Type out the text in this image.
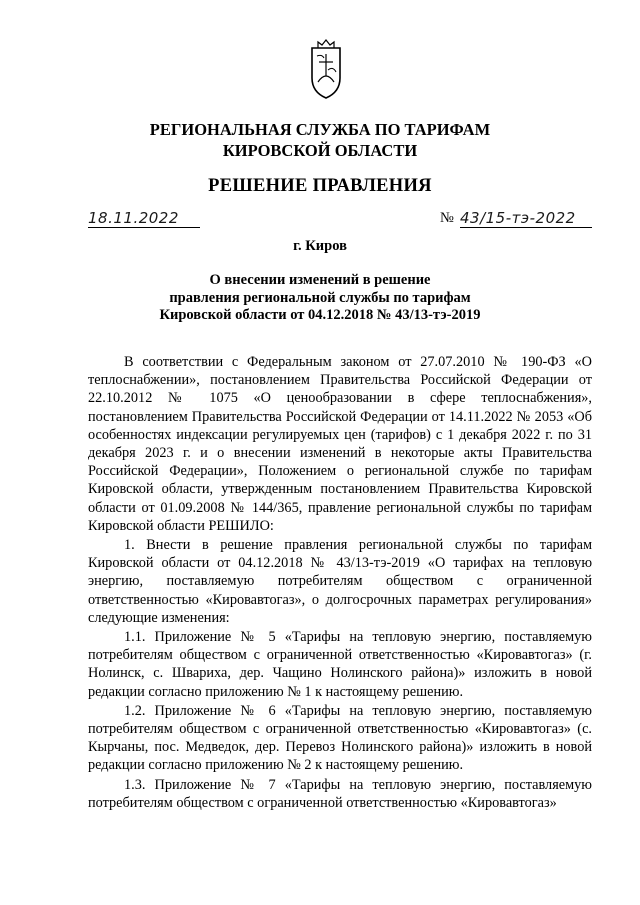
РЕГИОНАЛЬНАЯ СЛУЖБА ПО ТАРИФАМ
КИРОВСКОЙ ОБЛАСТИ
РЕШЕНИЕ ПРАВЛЕНИЯ
18.11.2022	№ 43/15-тэ-2022
г. Киров
О внесении изменений в решение
правления региональной службы по тарифам
Кировской области от 04.12.2018 № 43/13-тэ-2019

В соответствии с Федеральным законом от 27.07.2010 № 190-ФЗ «О теплоснабжении», постановлением Правительства Российской Федерации от 22.10.2012 № 1075 «О ценообразовании в сфере теплоснабжения», постановлением Правительства Российской Федерации от 14.11.2022 № 2053 «Об особенностях индексации регулируемых цен (тарифов) с 1 декабря 2022 г. по 31 декабря 2023 г. и о внесении изменений в некоторые акты Правительства Российской Федерации», Положением о региональной службе по тарифам Кировской области, утвержденным постановлением Правительства Кировской области от 01.09.2008 № 144/365, правление региональной службы по тарифам Кировской области РЕШИЛО:

1. Внести в решение правления региональной службы по тарифам Кировской области от 04.12.2018 № 43/13-тэ-2019 «О тарифах на тепловую энергию, поставляемую потребителям обществом с ограниченной ответственностью «Кировавтогаз», о долгосрочных параметрах регулирования» следующие изменения:

1.1. Приложение № 5 «Тарифы на тепловую энергию, поставляемую потребителям обществом с ограниченной ответственностью «Кировавтогаз» (г. Нолинск, с. Швариха, дер. Чащино Нолинского района)» изложить в новой редакции согласно приложению № 1 к настоящему решению.

1.2. Приложение № 6 «Тарифы на тепловую энергию, поставляемую потребителям обществом с ограниченной ответственностью «Кировавтогаз» (с. Кырчаны, пос. Медведок, дер. Перевоз Нолинского района)» изложить в новой редакции согласно приложению № 2 к настоящему решению.

1.3. Приложение № 7 «Тарифы на тепловую энергию, поставляемую потребителям обществом с ограниченной ответственностью «Кировавтогаз»
